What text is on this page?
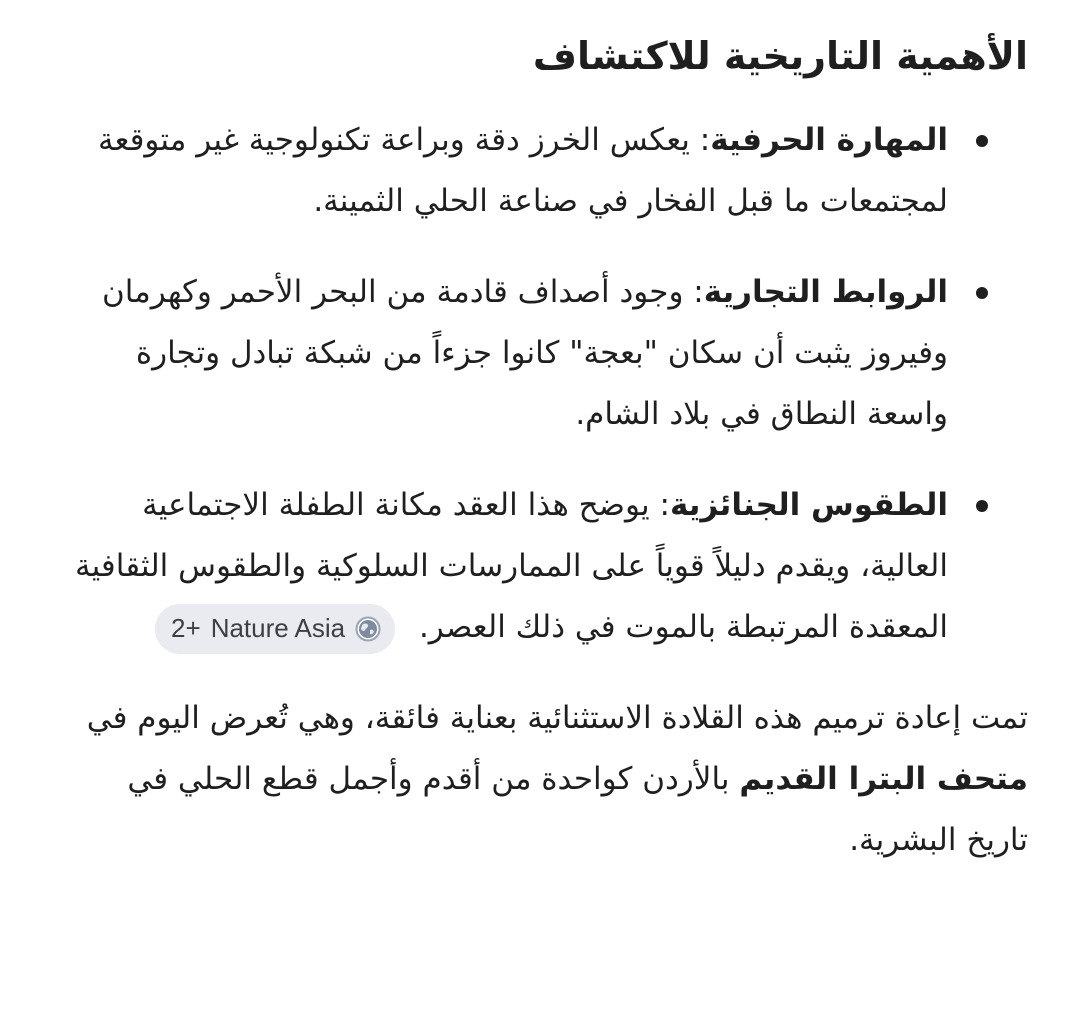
الأهمية التاريخية للاكتشاف
المهارة الحرفية: يعكس الخرز دقة وبراعة تكنولوجية غير متوقعة لمجتمعات ما قبل الفخار في صناعة الحلي الثمينة.
الروابط التجارية: وجود أصداف قادمة من البحر الأحمر وكهرمان وفيروز يثبت أن سكان "بعجة" كانوا جزءاً من شبكة تبادل وتجارة واسعة النطاق في بلاد الشام.
الطقوس الجنائزية: يوضح هذا العقد مكانة الطفلة الاجتماعية العالية، ويقدم دليلاً قوياً على الممارسات السلوكية والطقوس الثقافية المعقدة المرتبطة بالموت في ذلك العصر.
2+ Nature Asia

تمت إعادة ترميم هذه القلادة الاستثنائية بعناية فائقة، وهي تُعرض اليوم في متحف البترا القديم بالأردن كواحدة من أقدم وأجمل قطع الحلي في تاريخ البشرية.
